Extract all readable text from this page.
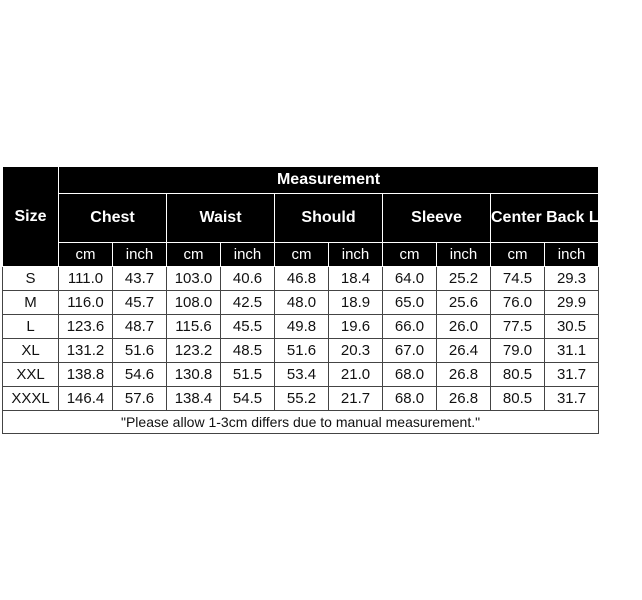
Size	Measurement									
	Chest		Waist		Should		Sleeve		Center Back Length	
	cm	inch	cm	inch	cm	inch	cm	inch	cm	inch
S	111.0	43.7	103.0	40.6	46.8	18.4	64.0	25.2	74.5	29.3
M	116.0	45.7	108.0	42.5	48.0	18.9	65.0	25.6	76.0	29.9
L	123.6	48.7	115.6	45.5	49.8	19.6	66.0	26.0	77.5	30.5
XL	131.2	51.6	123.2	48.5	51.6	20.3	67.0	26.4	79.0	31.1
XXL	138.8	54.6	130.8	51.5	53.4	21.0	68.0	26.8	80.5	31.7
XXXL	146.4	57.6	138.4	54.5	55.2	21.7	68.0	26.8	80.5	31.7
"Please allow 1-3cm differs due to manual measurement."										
